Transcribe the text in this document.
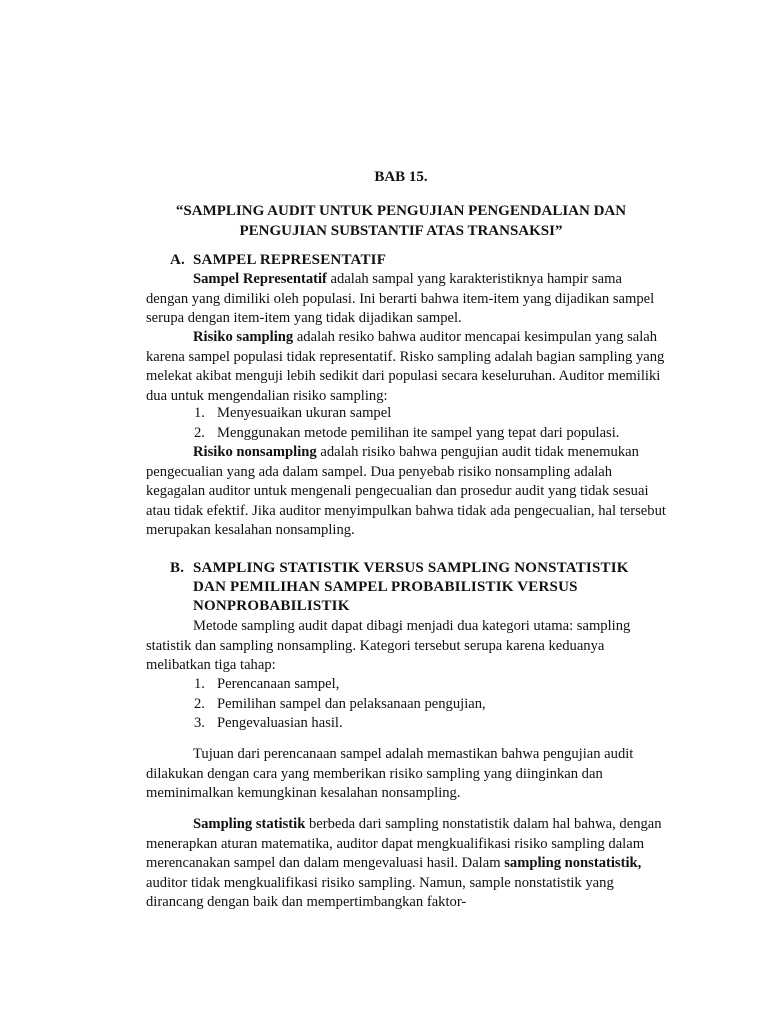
BAB 15.
“SAMPLING AUDIT UNTUK PENGUJIAN PENGENDALIAN DAN
PENGUJIAN SUBSTANTIF ATAS TRANSAKSI”
A. SAMPEL REPRESENTATIF

Sampel Representatif adalah sampal yang karakteristiknya hampir sama dengan yang dimiliki oleh populasi. Ini berarti bahwa item-item yang dijadikan sampel serupa dengan item-item yang tidak dijadikan sampel.

Risiko sampling adalah resiko bahwa auditor mencapai kesimpulan yang salah karena sampel populasi tidak representatif. Risko sampling adalah bagian sampling yang melekat akibat menguji lebih sedikit dari populasi secara keseluruhan. Auditor memiliki dua untuk mengendalian risiko sampling:

1. Menyesuaikan ukuran sampel
2. Menggunakan metode pemilihan ite sampel yang tepat dari populasi.

Risiko nonsampling adalah risiko bahwa pengujian audit tidak menemukan pengecualian yang ada dalam sampel. Dua penyebab risiko nonsampling adalah kegagalan auditor untuk mengenali pengecualian dan prosedur audit yang tidak sesuai atau tidak efektif. Jika auditor menyimpulkan bahwa tidak ada pengecualian, hal tersebut merupakan kesalahan nonsampling.

B. SAMPLING STATISTIK VERSUS SAMPLING NONSTATISTIK
DAN PEMILIHAN SAMPEL PROBABILISTIK VERSUS
NONPROBABILISTIK

Metode sampling audit dapat dibagi menjadi dua kategori utama: sampling statistik dan sampling nonsampling. Kategori tersebut serupa karena keduanya melibatkan tiga tahap:

1. Perencanaan sampel,
2. Pemilihan sampel dan pelaksanaan pengujian,
3. Pengevaluasian hasil.

Tujuan dari perencanaan sampel adalah memastikan bahwa pengujian audit dilakukan dengan cara yang memberikan risiko sampling yang diinginkan dan meminimalkan kemungkinan kesalahan nonsampling.

Sampling statistik berbeda dari sampling nonstatistik dalam hal bahwa, dengan menerapkan aturan matematika, auditor dapat mengkualifikasi risiko sampling dalam merencanakan sampel dan dalam mengevaluasi hasil. Dalam sampling nonstatistik, auditor tidak mengkualifikasi risiko sampling. Namun, sample nonstatistik yang dirancang dengan baik dan mempertimbangkan faktor-
